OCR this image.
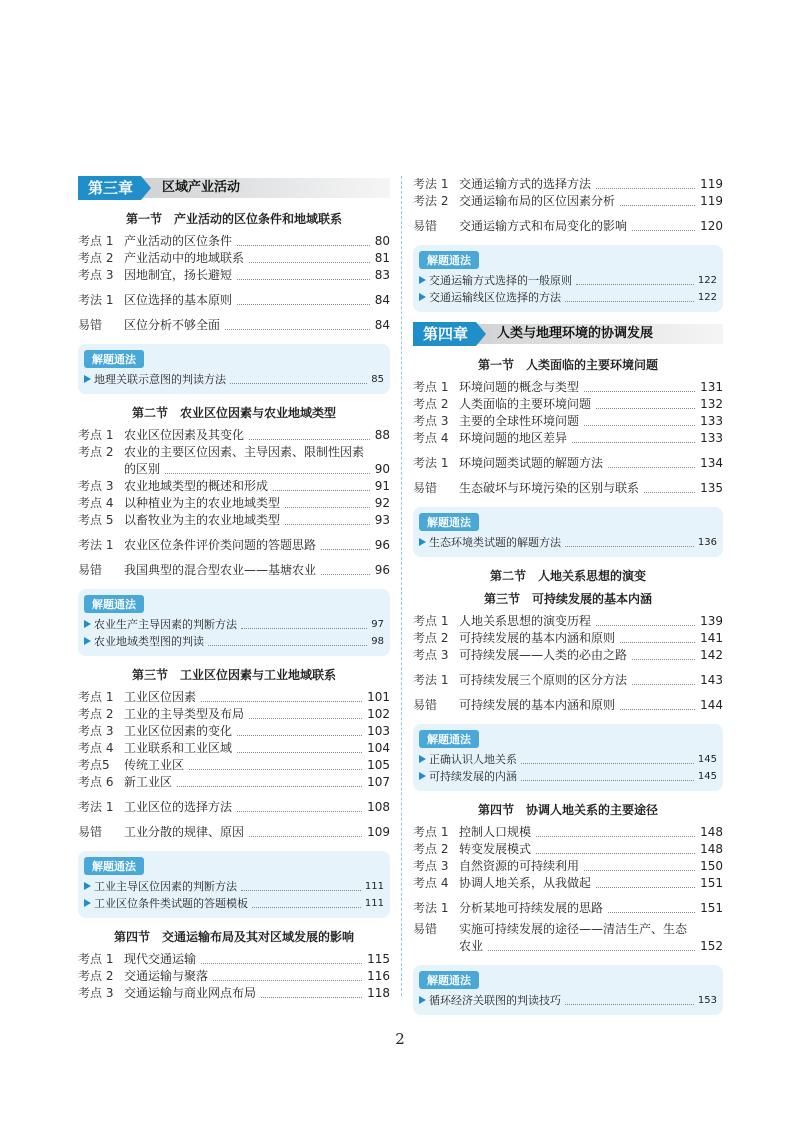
第三章	区域产业活动
第一节　产业活动的区位条件和地域联系
考点 1 产业活动的区位条件	80
考点 2 产业活动中的地域联系	81
考点 3 因地制宜，扬长避短	83
考法 1 区位选择的基本原则	84
易错	区位分析不够全面	84
解题通法
地理关联示意图的判读方法	85
第二节　农业区位因素与农业地域类型
考点 1 农业区位因素及其变化	88
考点 2 农业的主要区位因素、主导因素、限制性因素
的区别	90
考点 3 农业地域类型的概述和形成	91
考点 4 以种植业为主的农业地域类型	92
考点 5 以畜牧业为主的农业地域类型	93
考法 1 农业区位条件评价类问题的答题思路	96
易错	我国典型的混合型农业——基塘农业	96
解题通法
农业生产主导因素的判断方法	97
农业地域类型图的判读	98
第三节　工业区位因素与工业地域联系
考点 1 工业区位因素	101
考点 2 工业的主导类型及布局	102
考点 3 工业区位因素的变化	103
考点 4 工业联系和工业区域	104
考点5	传统工业区	105
考点 6 新工业区	107
考法 1 工业区位的选择方法	108
易错	工业分散的规律、原因	109
解题通法
工业主导区位因素的判断方法	111
工业区位条件类试题的答题模板	111
第四节　交通运输布局及其对区域发展的影响
考点 1 现代交通运输	115
考点 2 交通运输与聚落	116
考点 3 交通运输与商业网点布局	118
考法 1 交通运输方式的选择方法	119
考法 2 交通运输布局的区位因素分析	119
易错	交通运输方式和布局变化的影响	120
解题通法
交通运输方式选择的一般原则	122
交通运输线区位选择的方法	122
第四章	人类与地理环境的协调发展
第一节　人类面临的主要环境问题
考点 1 环境问题的概念与类型	131
考点 2 人类面临的主要环境问题	132
考点 3 主要的全球性环境问题	133
考点 4 环境问题的地区差异	133
考法 1 环境问题类试题的解题方法	134
易错	生态破坏与环境污染的区别与联系	135
解题通法
生态环境类试题的解题方法	136
第二节　人地关系思想的演变
第三节　可持续发展的基本内涵
考点 1 人地关系思想的演变历程	139
考点 2 可持续发展的基本内涵和原则	141
考点 3 可持续发展——人类的必由之路	142
考法 1 可持续发展三个原则的区分方法	143
易错	可持续发展的基本内涵和原则	144
解题通法
正确认识人地关系	145
可持续发展的内涵	145
第四节　协调人地关系的主要途径
考点 1 控制人口规模	148
考点 2 转变发展模式	148
考点 3 自然资源的可持续利用	150
考点 4 协调人地关系，从我做起	151
考法 1 分析某地可持续发展的思路	151
易错	实施可持续发展的途径——清洁生产、生态
农业	152
解题通法
循环经济关联图的判读技巧	153
2
